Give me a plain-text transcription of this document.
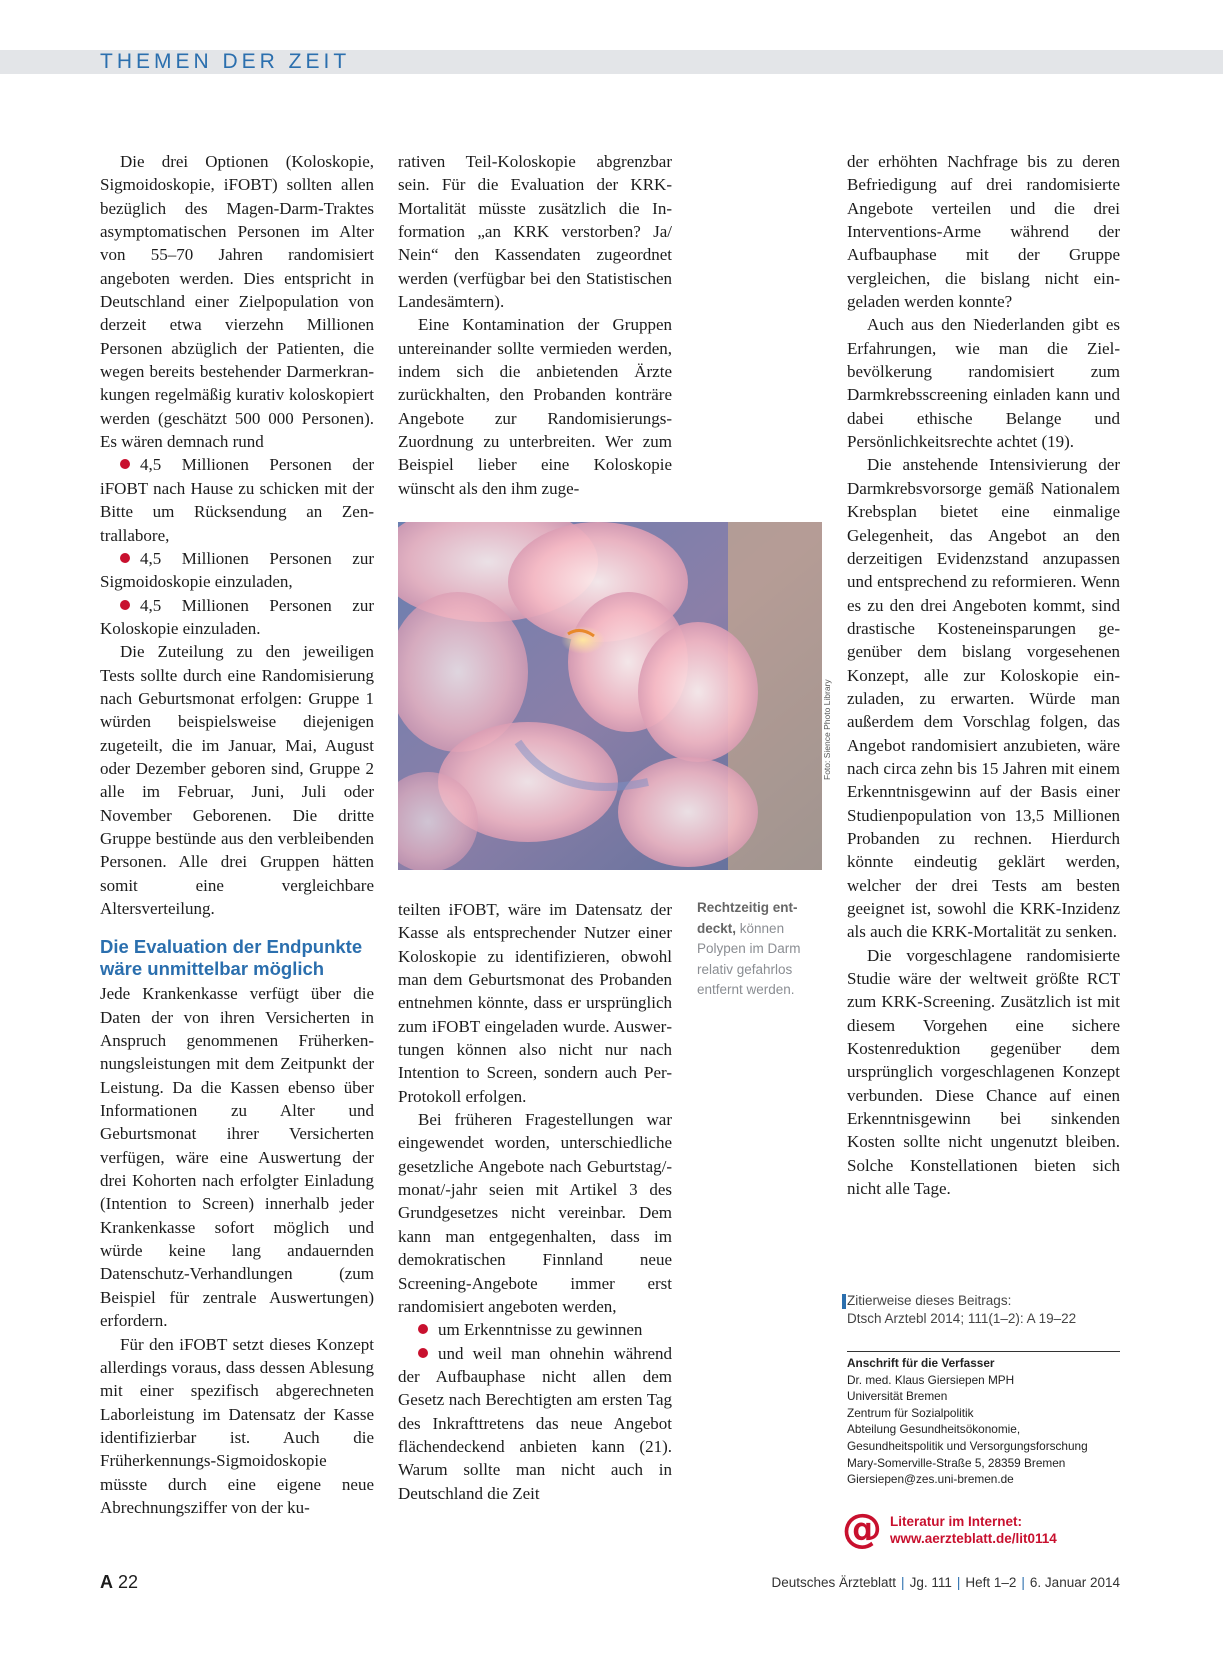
THEMEN DER ZEIT

Die drei Optionen (Koloskopie, Sigmoidoskopie, iFOBT) sollten allen bezüglich des Magen-Darm-Traktes asymptomatischen Personen im Alter von 55–70 Jahren randomisiert angeboten werden. Dies entspricht in Deutschland einer Zielpopulation von derzeit etwa vierzehn Millionen Personen abzüglich der Patienten, die wegen bereits bestehender Darmerkrankungen regelmäßig kurativ koloskopiert werden (geschätzt 500 000 Personen). Es wären demnach rund

4,5 Millionen Personen der iFOBT nach Hause zu schicken mit der Bitte um Rücksendung an Zentrallabore,

4,5 Millionen Personen zur Sigmoidoskopie einzuladen,

4,5 Millionen Personen zur Koloskopie einzuladen.

Die Zuteilung zu den jeweiligen Tests sollte durch eine Randomisierung nach Geburtsmonat erfolgen: Gruppe 1 würden beispielsweise diejenigen zugeteilt, die im Januar, Mai, August oder Dezember geboren sind, Gruppe 2 alle im Februar, Juni, Juli oder November Geborenen. Die dritte Gruppe bestünde aus den verbleibenden Personen. Alle drei Gruppen hätten somit eine vergleichbare Altersverteilung.

Die Evaluation der Endpunkte wäre unmittelbar möglich

Jede Krankenkasse verfügt über die Daten der von ihren Versicherten in Anspruch genommenen Früherkennungsleistungen mit dem Zeitpunkt der Leistung. Da die Kassen ebenso über Informationen zu Alter und Geburtsmonat ihrer Versicherten verfügen, wäre eine Auswertung der drei Kohorten nach erfolgter Einladung (Intention to Screen) innerhalb jeder Krankenkasse sofort möglich und würde keine lang andauernden Datenschutz-Verhandlungen (zum Beispiel für zentrale Auswertungen) erfordern.

Für den iFOBT setzt dieses Konzept allerdings voraus, dass dessen Ablesung mit einer spezifisch abgerechneten Laborleistung im Datensatz der Kasse identifizierbar ist. Auch die Früherkennungs-Sigmoidoskopie müsste durch eine eigene neue Abrechnungsziffer von der ku-

rativen Teil-Koloskopie abgrenzbar sein. Für die Evaluation der KRK-Mortalität müsste zusätzlich die Information „an KRK verstorben? Ja/ Nein“ den Kassendaten zugeordnet werden (verfügbar bei den Statistischen Landesämtern).

Eine Kontamination der Gruppen untereinander sollte vermieden werden, indem sich die anbietenden Ärzte zurückhalten, den Probanden konträre Angebote zur Randomisierungs-Zuordnung zu unterbreiten. Wer zum Beispiel lieber eine Koloskopie wünscht als den ihm zuge-

Foto: Sience Photo Library
Rechtzeitig entdeckt, können Polypen im Darm relativ gefahrlos entfernt werden.

teilten iFOBT, wäre im Datensatz der Kasse als entsprechender Nutzer einer Koloskopie zu identifizieren, obwohl man dem Geburtsmonat des Probanden entnehmen könnte, dass er ursprünglich zum iFOBT eingeladen wurde. Auswertungen können also nicht nur nach Intention to Screen, sondern auch Per-Protokoll erfolgen.

Bei früheren Fragestellungen war eingewendet worden, unterschiedliche gesetzliche Angebote nach Geburtstag/-monat/-jahr seien mit Artikel 3 des Grundgesetzes nicht vereinbar. Dem kann man entgegenhalten, dass im demokratischen Finnland neue Screening-Angebote immer erst randomisiert angeboten werden,

um Erkenntnisse zu gewinnen

und weil man ohnehin während der Aufbauphase nicht allen dem Gesetz nach Berechtigten am ersten Tag des Inkrafttretens das neue Angebot flächendeckend anbieten kann (21). Warum sollte man nicht auch in Deutschland die Zeit

der erhöhten Nachfrage bis zu deren Befriedigung auf drei randomisierte Angebote verteilen und die drei Interventions-Arme während der Aufbauphase mit der Gruppe vergleichen, die bislang nicht eingeladen werden konnte?

Auch aus den Niederlanden gibt es Erfahrungen, wie man die Zielbevölkerung randomisiert zum Darmkrebsscreening einladen kann und dabei ethische Belange und Persönlichkeitsrechte achtet (19).

Die anstehende Intensivierung der Darmkrebsvorsorge gemäß Nationalem Krebsplan bietet eine einmalige Gelegenheit, das Angebot an den derzeitigen Evidenzstand anzupassen und entsprechend zu reformieren. Wenn es zu den drei Angeboten kommt, sind drastische Kosteneinsparungen gegenüber dem bislang vorgesehenen Konzept, alle zur Koloskopie einzuladen, zu erwarten. Würde man außerdem dem Vorschlag folgen, das Angebot randomisiert anzubieten, wäre nach circa zehn bis 15 Jahren mit einem Erkenntnisgewinn auf der Basis einer Studienpopulation von 13,5 Millionen Probanden zu rechnen. Hierdurch könnte eindeutig geklärt werden, welcher der drei Tests am besten geeignet ist, sowohl die KRK-Inzidenz als auch die KRK-Mortalität zu senken.

Die vorgeschlagene randomisierte Studie wäre der weltweit größte RCT zum KRK-Screening. Zusätzlich ist mit diesem Vorgehen eine sichere Kostenreduktion gegenüber dem ursprünglich vorgeschlagenen Konzept verbunden. Diese Chance auf einen Erkenntnisgewinn bei sinkenden Kosten sollte nicht ungenutzt bleiben. Solche Konstellationen bieten sich nicht alle Tage.

Zitierweise dieses Beitrags:
Dtsch Arztebl 2014; 111(1–2): A 19–22
Anschrift für die Verfasser
Dr. med. Klaus Giersiepen MPH
Universität Bremen
Zentrum für Sozialpolitik
Abteilung Gesundheitsökonomie,
Gesundheitspolitik und Versorgungsforschung
Mary-Somerville-Straße 5, 28359 Bremen
Giersiepen@zes.uni-bremen.de
@ Literatur im Internet:
www.aerzteblatt.de/lit0114
A 22	Deutsches Ärzteblatt | Jg. 111 | Heft 1–2 | 6. Januar 2014
